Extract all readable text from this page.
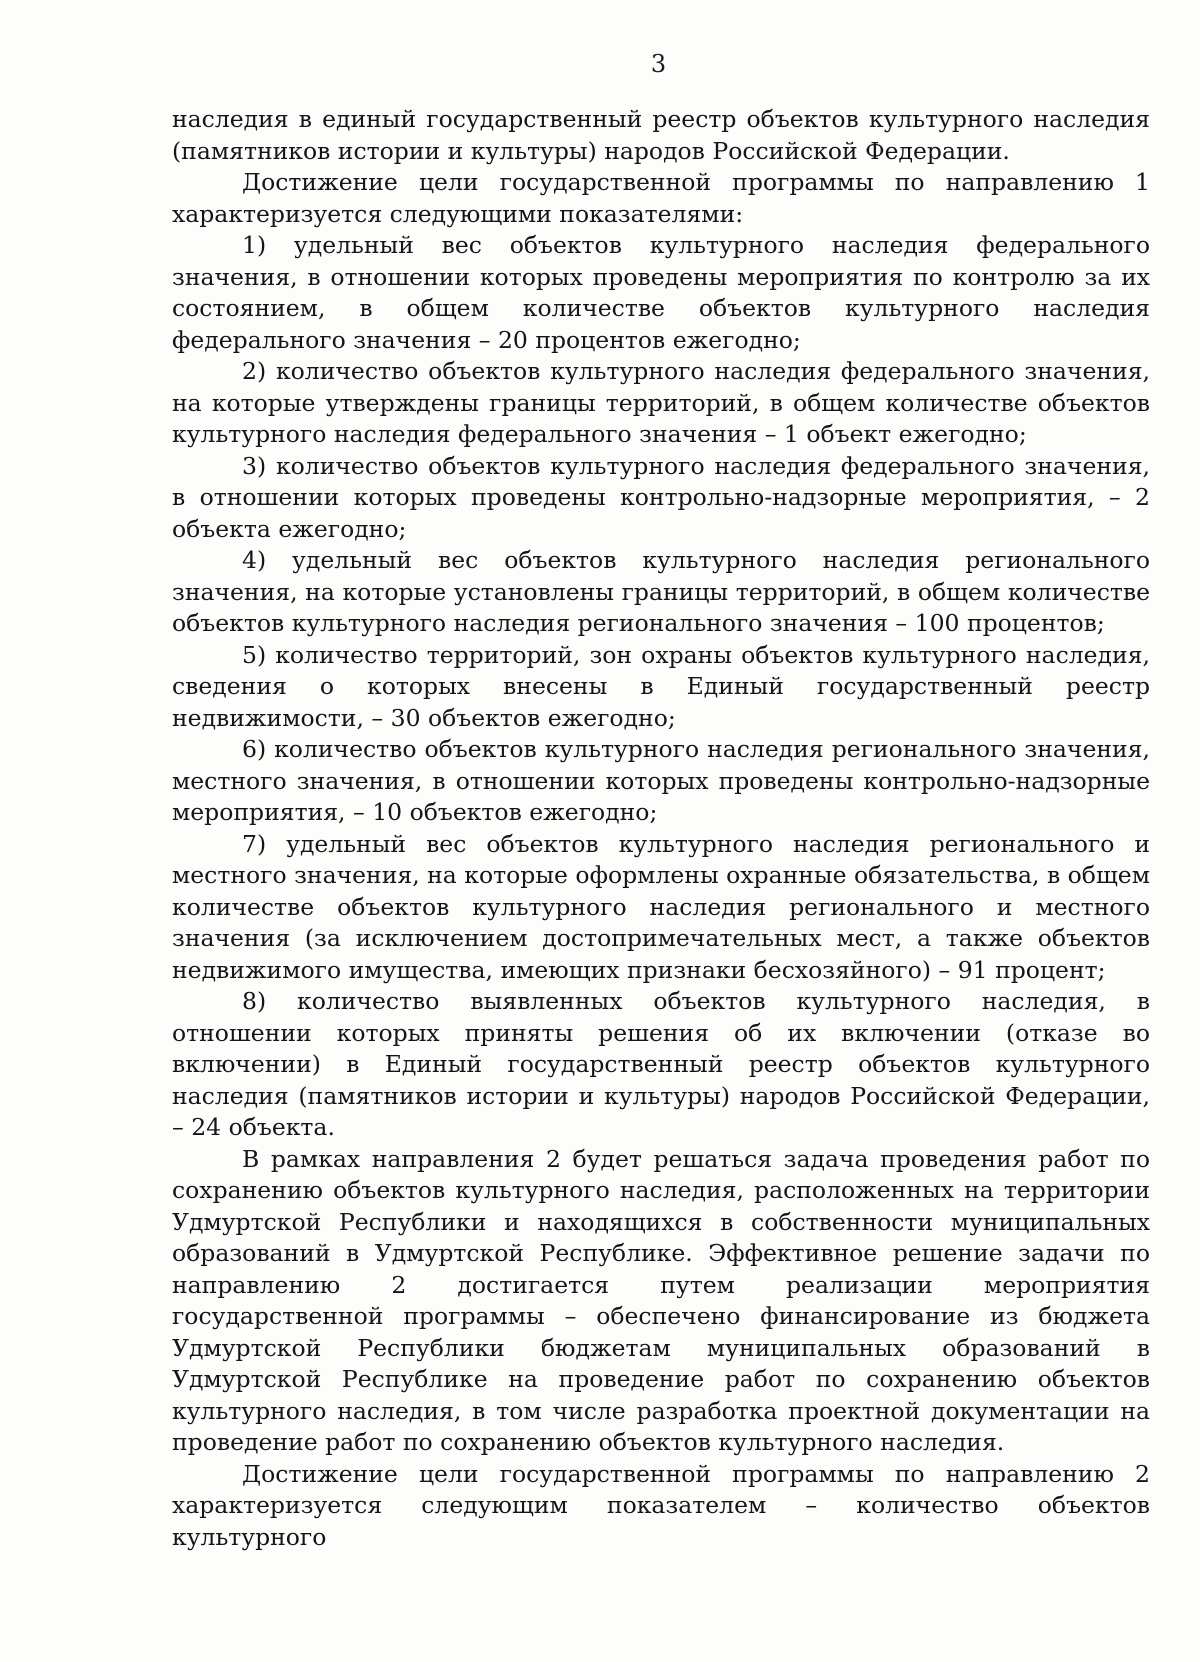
3

наследия в единый государственный реестр объектов культурного наследия (памятников истории и культуры) народов Российской Федерации.

Достижение цели государственной программы по направлению 1 характеризуется следующими показателями:

1) удельный вес объектов культурного наследия федерального значения, в отношении которых проведены мероприятия по контролю за их состоянием, в общем количестве объектов культурного наследия федерального значения – 20 процентов ежегодно;

2) количество объектов культурного наследия федерального значения, на которые утверждены границы территорий, в общем количестве объектов культурного наследия федерального значения – 1 объект ежегодно;

3) количество объектов культурного наследия федерального значения, в отношении которых проведены контрольно-надзорные мероприятия, – 2 объекта ежегодно;

4) удельный вес объектов культурного наследия регионального значения, на которые установлены границы территорий, в общем количестве объектов культурного наследия регионального значения – 100 процентов;

5) количество территорий, зон охраны объектов культурного наследия, сведения о которых внесены в Единый государственный реестр недвижимости, – 30 объектов ежегодно;

6) количество объектов культурного наследия регионального значения, местного значения, в отношении которых проведены контрольно-надзорные мероприятия, – 10 объектов ежегодно;

7) удельный вес объектов культурного наследия регионального и местного значения, на которые оформлены охранные обязательства, в общем количестве объектов культурного наследия регионального и местного значения (за исключением достопримечательных мест, а также объектов недвижимого имущества, имеющих признаки бесхозяйного) – 91 процент;

8) количество выявленных объектов культурного наследия, в отношении которых приняты решения об их включении (отказе во включении) в Единый государственный реестр объектов культурного наследия (памятников истории и культуры) народов Российской Федерации, – 24 объекта.

В рамках направления 2 будет решаться задача проведения работ по сохранению объектов культурного наследия, расположенных на территории Удмуртской Республики и находящихся в собственности муниципальных образований в Удмуртской Республике. Эффективное решение задачи по направлению 2 достигается путем реализации мероприятия государственной программы – обеспечено финансирование из бюджета Удмуртской Республики бюджетам муниципальных образований в Удмуртской Республике на проведение работ по сохранению объектов культурного наследия, в том числе разработка проектной документации на проведение работ по сохранению объектов культурного наследия.

Достижение цели государственной программы по направлению 2 характеризуется следующим показателем – количество объектов культурного
